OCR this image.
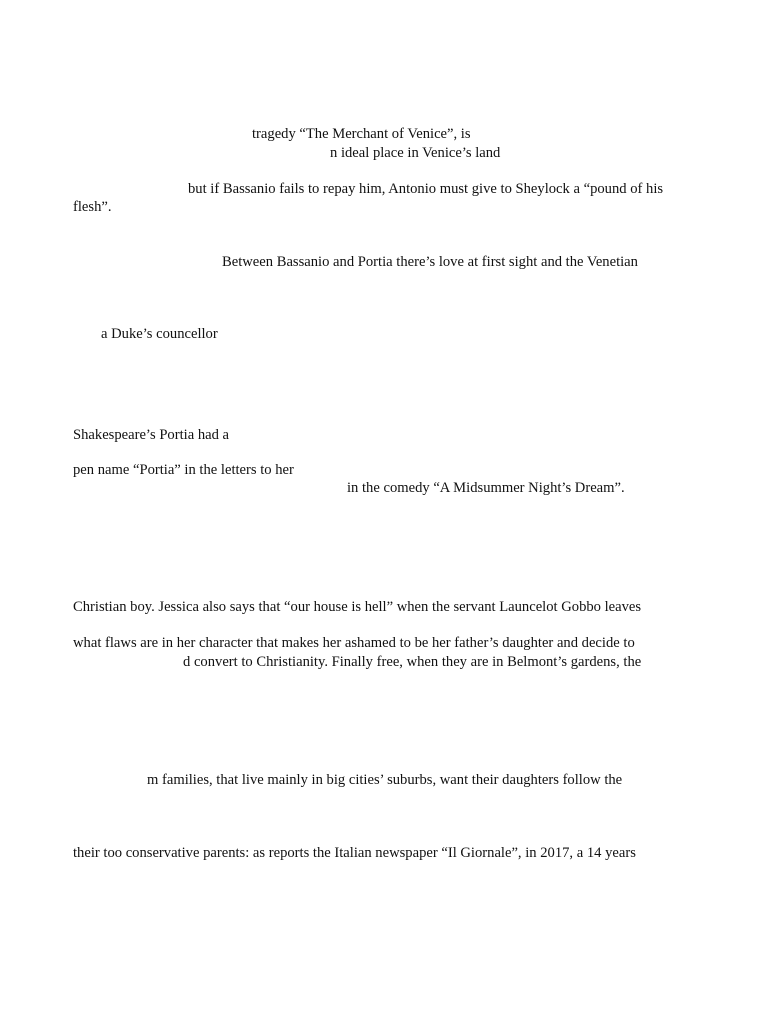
tragedy “The Merchant of Venice”, is
n ideal place in Venice’s land
but if Bassanio fails to repay him, Antonio must give to Sheylock a “pound of his
flesh”.
Between Bassanio and Portia there’s love at first sight and the Venetian
a Duke’s councellor
Shakespeare’s Portia had a
pen name “Portia” in the letters to her
in the comedy “A Midsummer Night’s Dream”.
Christian boy. Jessica also says that “our house is hell” when the servant Launcelot Gobbo leaves
what flaws are in her character that makes her ashamed to be her father’s daughter and decide to
d convert to Christianity. Finally free, when they are in Belmont’s gardens, the
m families, that live mainly in big cities’ suburbs, want their daughters follow the
their too conservative parents: as reports the Italian newspaper “Il Giornale”, in 2017, a 14 years
